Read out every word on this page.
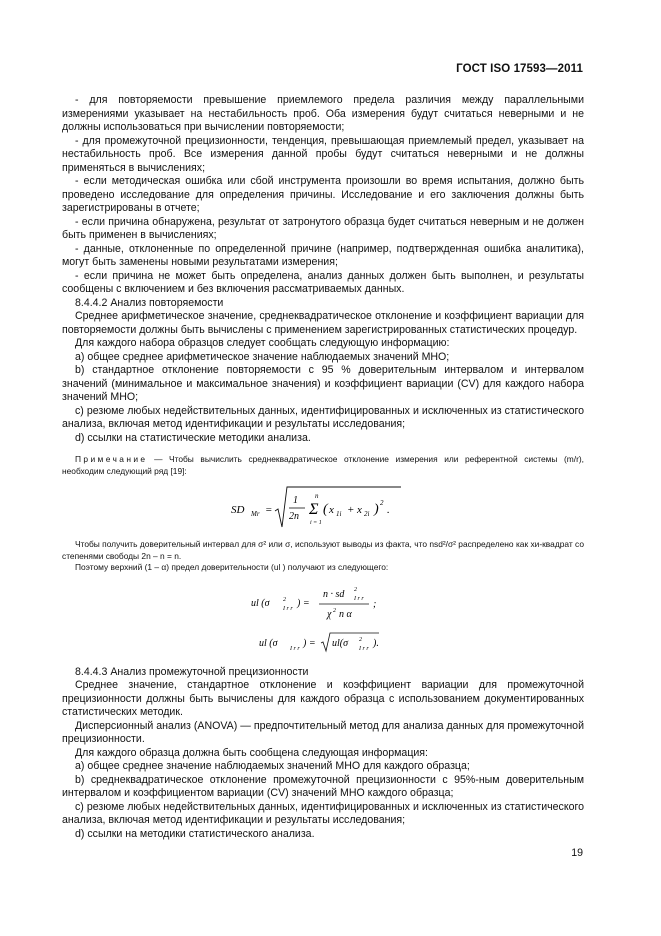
ГОСТ ISO 17593—2011

- для повторяемости превышение приемлемого предела различия между параллельными измерениями указывает на нестабильность проб. Оба измерения будут считаться неверными и не должны использоваться при вычислении повторяемости;

- для промежуточной прецизионности, тенденция, превышающая приемлемый предел, указывает на нестабильность проб. Все измерения данной пробы будут считаться неверными и не должны применяться в вычислениях;

- если методическая ошибка или сбой инструмента произошли во время испытания, должно быть проведено исследование для определения причины. Исследование и его заключения должны быть зарегистрированы в отчете;

- если причина обнаружена, результат от затронутого образца будет считаться неверным и не должен быть применен в вычислениях;

- данные, отклоненные по определенной причине (например, подтвержденная ошибка аналитика), могут быть заменены новыми результатами измерения;

- если причина не может быть определена, анализ данных должен быть выполнен, и результаты сообщены с включением и без включения рассматриваемых данных.

8.4.4.2 Анализ повторяемости

Среднее арифметическое значение, среднеквадратическое отклонение и коэффициент вариации для повторяемости должны быть вычислены с применением зарегистрированных статистических процедур.

Для каждого набора образцов следует сообщать следующую информацию:

a) общее среднее арифметическое значение наблюдаемых значений МНО;

b) стандартное отклонение повторяемости с 95 % доверительным интервалом и интервалом значений (минимальное и максимальное значения) и коэффициент вариации (CV) для каждого набора значений МНО;

c) резюме любых недействительных данных, идентифицированных и исключенных из статистического анализа, включая метод идентификации и результаты исследования;

d) ссылки на статистические методики анализа.

Примечание — Чтобы вычислить среднеквадратическое отклонение измерения или референтной системы (m/r), необходим следующий ряд [19]:

SD Mr =
1
2n
n
Σ
i = 1
( x 1i + x 2i ) 2
.

Чтобы получить доверительный интервал для σ² или σ, используют выводы из факта, что nsd²/σ² распределено как хи-квадрат со степенями свободы 2n – n = n.

Поэтому верхний (1 – α) предел доверительности (ul ) получают из следующего:

ul (σ 2
I r r ) =
n · sd 2
I r r
χ 2 n α
;
ul (σ I r r ) = ul(σ 2
I r r ).

8.4.4.3 Анализ промежуточной прецизионности

Среднее значение, стандартное отклонение и коэффициент вариации для промежуточной прецизионности должны быть вычислены для каждого образца с использованием документированных статистических методик.

Дисперсионный анализ (ANOVA) — предпочтительный метод для анализа данных для промежуточной прецизионности.

Для каждого образца должна быть сообщена следующая информация:

a) общее среднее значение наблюдаемых значений МНО для каждого образца;

b) среднеквадратическое отклонение промежуточной прецизионности с 95%-ным доверительным интервалом и коэффициентом вариации (CV) значений МНО каждого образца;

c) резюме любых недействительных данных, идентифицированных и исключенных из статистического анализа, включая метод идентификации и результаты исследования;

d) ссылки на методики статистического анализа.

19
